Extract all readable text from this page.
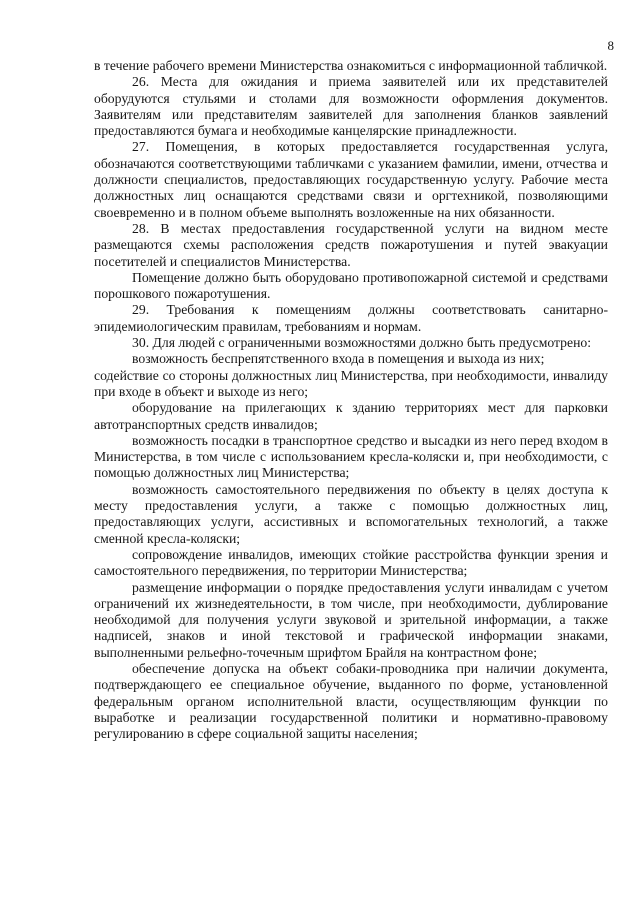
8

в течение рабочего времени Министерства ознакомиться с информационной табличкой.

26. Места для ожидания и приема заявителей или их представителей оборудуются стульями и столами для возможности оформления документов. Заявителям или представителям заявителей для заполнения бланков заявлений предоставляются бумага и необходимые канцелярские принадлежности.

27. Помещения, в которых предоставляется государственная услуга, обозначаются соответствующими табличками с указанием фамилии, имени, отчества и должности специалистов, предоставляющих государственную услугу. Рабочие места должностных лиц оснащаются средствами связи и оргтехникой, позволяющими своевременно и в полном объеме выполнять возложенные на них обязанности.

28. В местах предоставления государственной услуги на видном месте размещаются схемы расположения средств пожаротушения и путей эвакуации посетителей и специалистов Министерства.

Помещение должно быть оборудовано противопожарной системой и средствами порошкового пожаротушения.

29. Требования к помещениям должны соответствовать санитарно-эпидемиологическим правилам, требованиям и нормам.

30. Для людей с ограниченными возможностями должно быть предусмотрено:

возможность беспрепятственного входа в помещения и выхода из них;

содействие со стороны должностных лиц Министерства, при необходимости, инвалиду при входе в объект и выходе из него;

оборудование на прилегающих к зданию территориях мест для парковки автотранспортных средств инвалидов;

возможность посадки в транспортное средство и высадки из него перед входом в Министерства, в том числе с использованием кресла-коляски и, при необходимости, с помощью должностных лиц Министерства;

возможность самостоятельного передвижения по объекту в целях доступа к месту предоставления услуги, а также с помощью должностных лиц, предоставляющих услуги, ассистивных и вспомогательных технологий, а также сменной кресла-коляски;

сопровождение инвалидов, имеющих стойкие расстройства функции зрения и самостоятельного передвижения, по территории Министерства;

размещение информации о порядке предоставления услуги инвалидам с учетом ограничений их жизнедеятельности, в том числе, при необходимости, дублирование необходимой для получения услуги звуковой и зрительной информации, а также надписей, знаков и иной текстовой и графической информации знаками, выполненными рельефно-точечным шрифтом Брайля на контрастном фоне;

обеспечение допуска на объект собаки-проводника при наличии документа, подтверждающего ее специальное обучение, выданного по форме, установленной федеральным органом исполнительной власти, осуществляющим функции по выработке и реализации государственной политики и нормативно-правовому регулированию в сфере социальной защиты населения;
